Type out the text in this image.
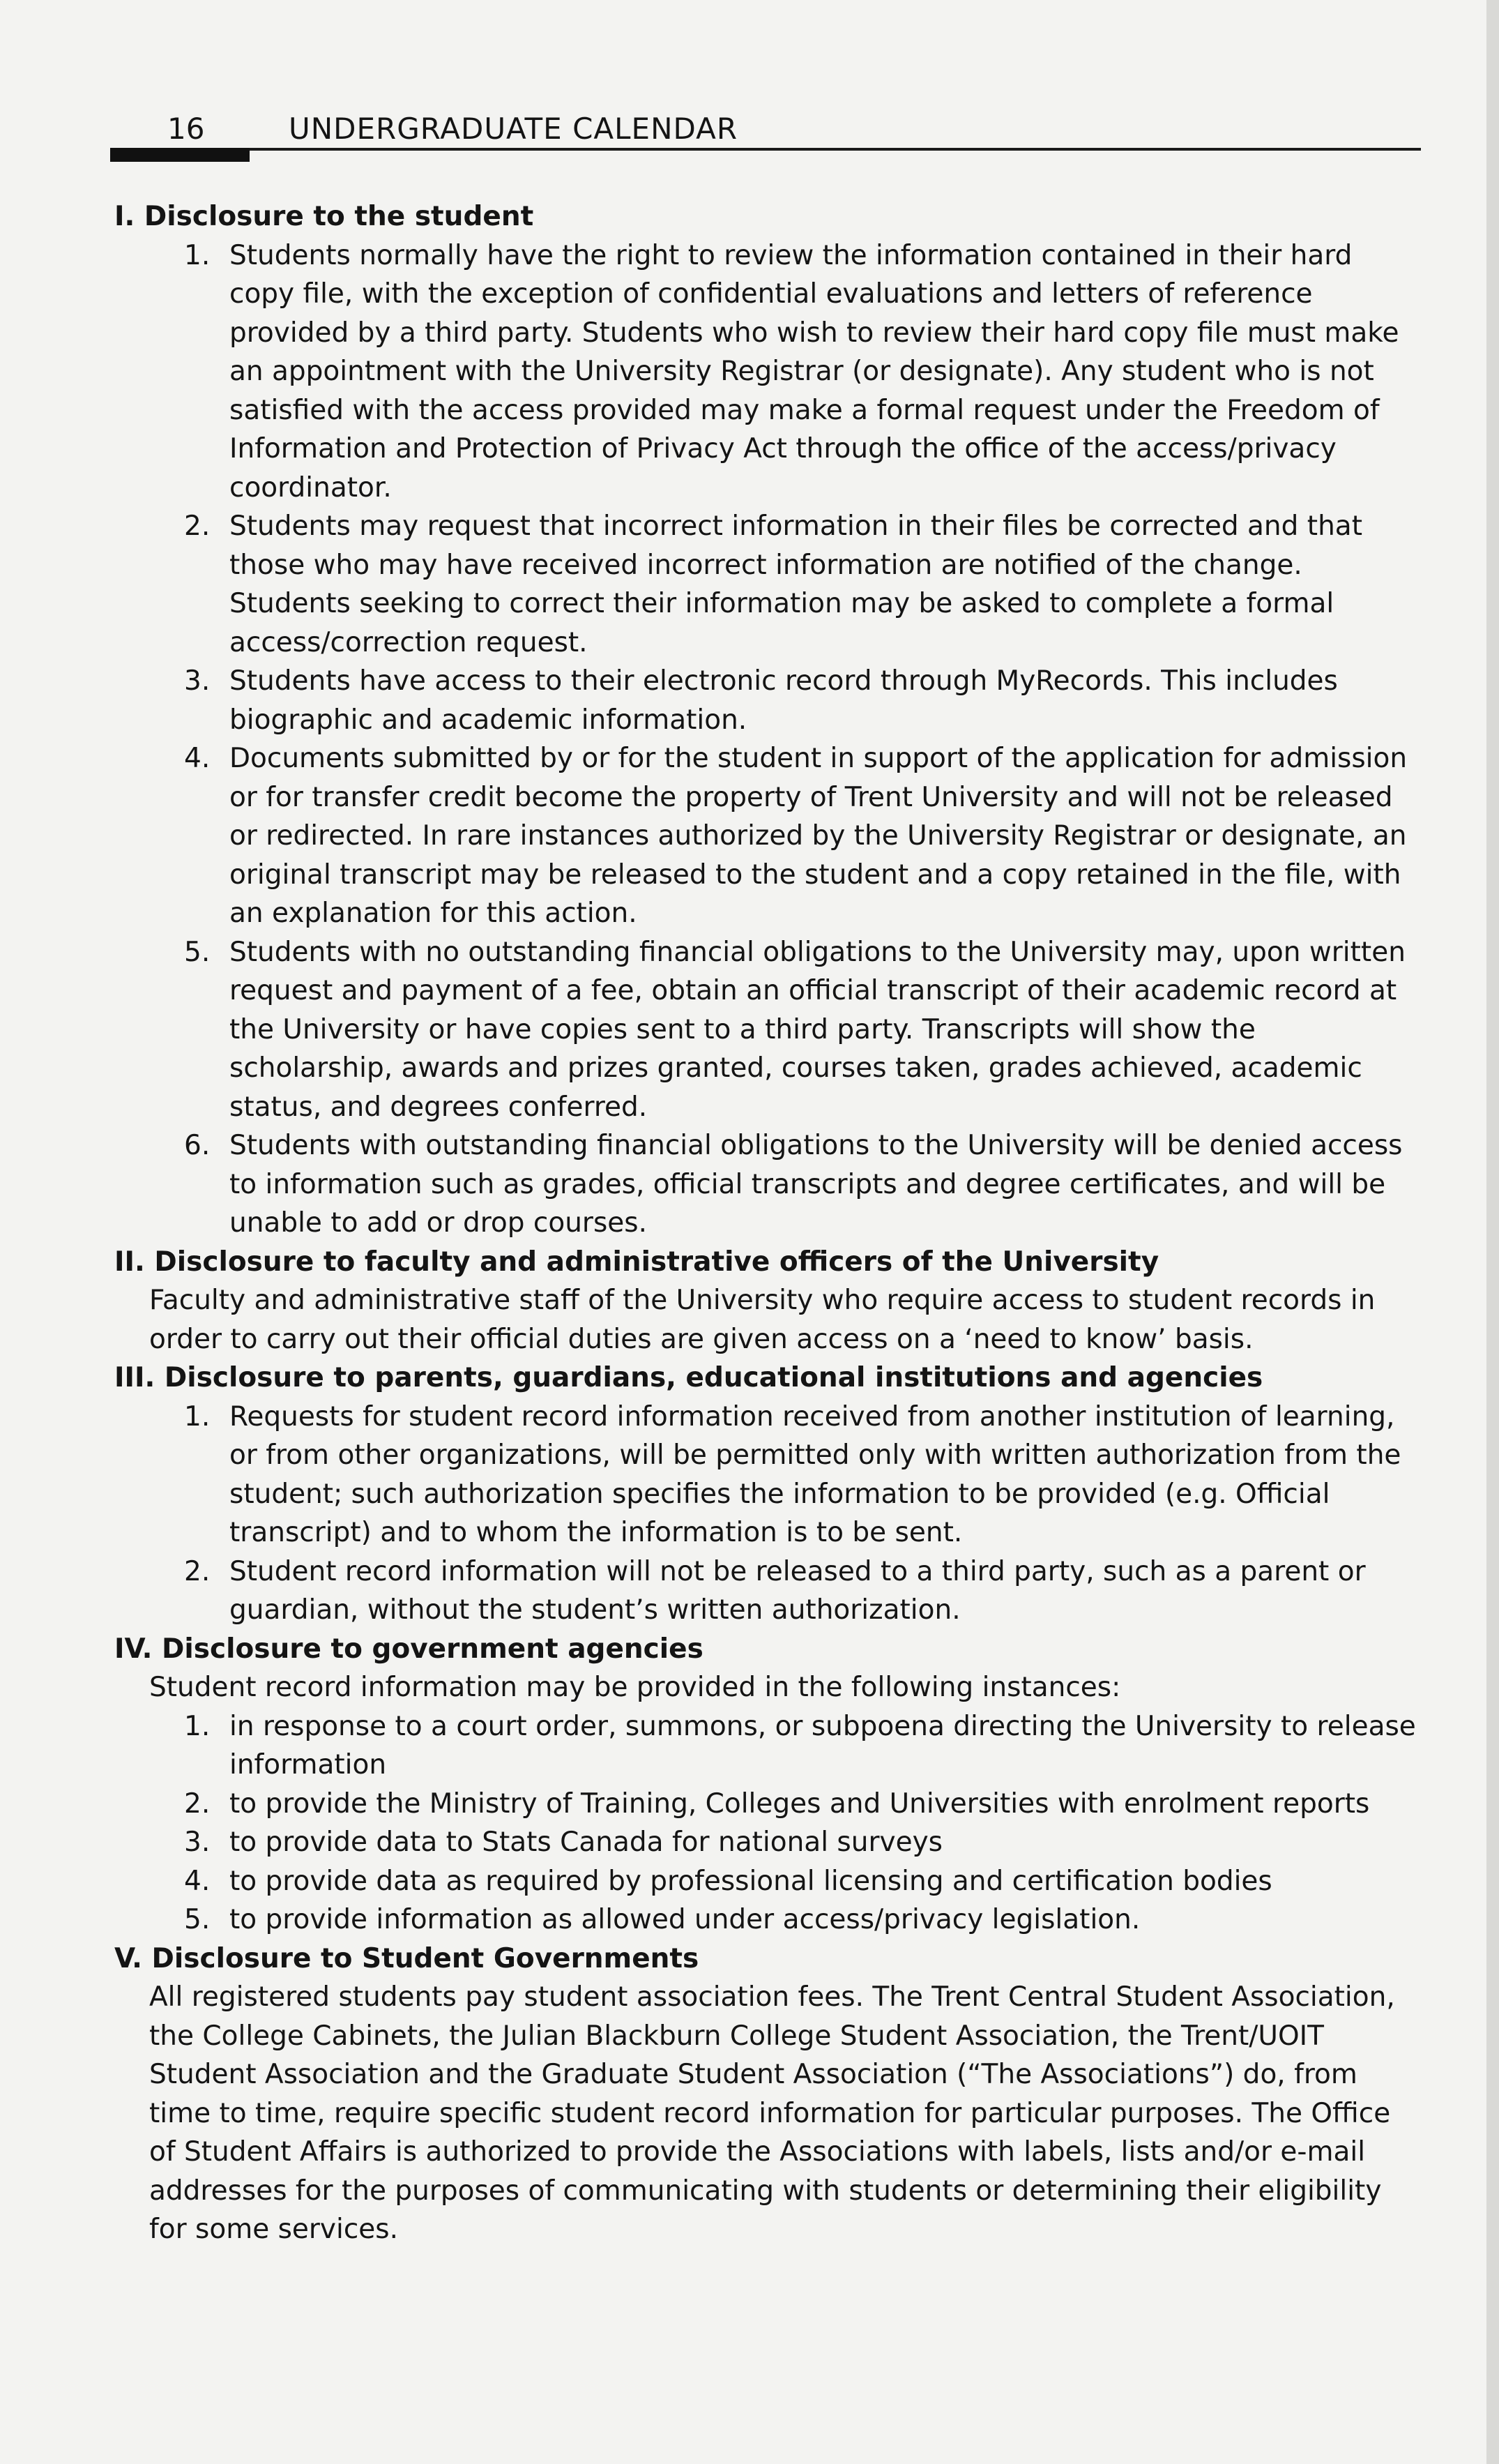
16	UNDERGRADUATE CALENDAR

I. Disclosure to the student

1. Students normally have the right to review the information contained in their hard copy file, with the exception of confidential evaluations and letters of reference provided by a third party. Students who wish to review their hard copy file must make an appointment with the University Registrar (or designate). Any student who is not satisfied with the access provided may make a formal request under the Freedom of Information and Protection of Privacy Act through the office of the access/privacy coordinator.
2. Students may request that incorrect information in their files be corrected and that those who may have received incorrect information are notified of the change. Students seeking to correct their information may be asked to complete a formal access/correction request.
3. Students have access to their electronic record through MyRecords. This includes biographic and academic information.
4. Documents submitted by or for the student in support of the application for admission or for transfer credit become the property of Trent University and will not be released or redirected. In rare instances authorized by the University Registrar or designate, an original transcript may be released to the student and a copy retained in the file, with an explanation for this action.
5. Students with no outstanding financial obligations to the University may, upon written request and payment of a fee, obtain an official transcript of their academic record at the University or have copies sent to a third party. Transcripts will show the scholarship, awards and prizes granted, courses taken, grades achieved, academic status, and degrees conferred.
6. Students with outstanding financial obligations to the University will be denied access to information such as grades, official transcripts and degree certificates, and will be unable to add or drop courses.

II. Disclosure to faculty and administrative officers of the University

Faculty and administrative staff of the University who require access to student records in order to carry out their official duties are given access on a ‘need to know’ basis.

III. Disclosure to parents, guardians, educational institutions and agencies

1. Requests for student record information received from another institution of learning, or from other organizations, will be permitted only with written authorization from the student; such authorization specifies the information to be provided (e.g. Official transcript) and to whom the information is to be sent.
2. Student record information will not be released to a third party, such as a parent or guardian, without the student’s written authorization.

IV. Disclosure to government agencies

Student record information may be provided in the following instances:

1. in response to a court order, summons, or subpoena directing the University to release information
2. to provide the Ministry of Training, Colleges and Universities with enrolment reports
3. to provide data to Stats Canada for national surveys
4. to provide data as required by professional licensing and certification bodies
5. to provide information as allowed under access/privacy legislation.

V. Disclosure to Student Governments

All registered students pay student association fees. The Trent Central Student Association, the College Cabinets, the Julian Blackburn College Student Association, the Trent/UOIT Student Association and the Graduate Student Association (“The Associations”) do, from time to time, require specific student record information for particular purposes. The Office of Student Affairs is authorized to provide the Associations with labels, lists and/or e-mail addresses for the purposes of communicating with students or determining their eligibility for some services.
